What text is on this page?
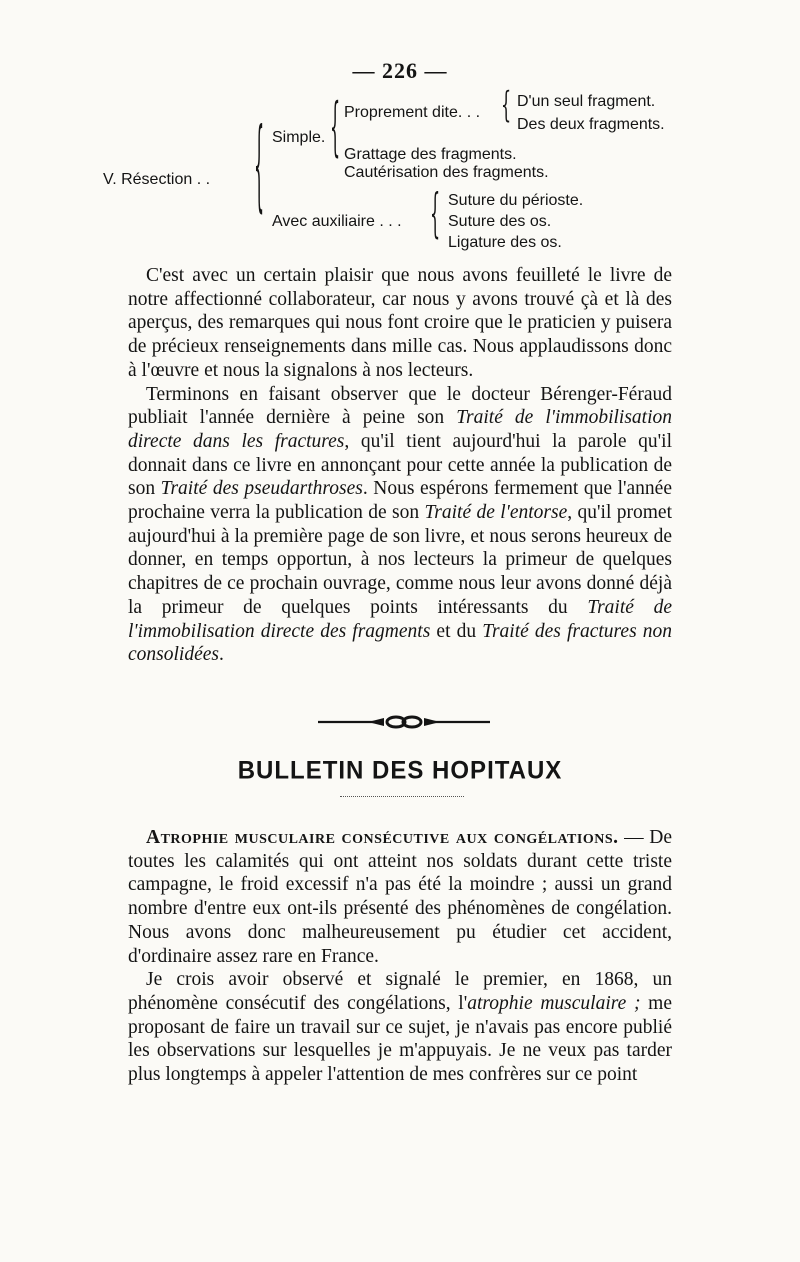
— 226 —
V. Résection . .	{ Simple. { Proprement dite. . . { D'un seul fragment.
Des deux fragments.
Grattage des fragments.
Cautérisation des fragments.
Avec auxiliaire . . . { Suture du périoste.
Suture des os.
Ligature des os.

C'est avec un certain plaisir que nous avons feuilleté le livre de notre affectionné collaborateur, car nous y avons trouvé çà et là des aperçus, des remarques qui nous font croire que le praticien y puisera de précieux renseignements dans mille cas. Nous applaudissons donc à l'œuvre et nous la signalons à nos lecteurs.

Terminons en faisant observer que le docteur Bérenger-Féraud publiait l'année dernière à peine son Traité de l'immobilisation directe dans les fractures, qu'il tient aujourd'hui la parole qu'il donnait dans ce livre en annonçant pour cette année la publication de son Traité des pseudarthroses. Nous espérons fermement que l'année prochaine verra la publication de son Traité de l'entorse, qu'il promet aujourd'hui à la première page de son livre, et nous serons heureux de donner, en temps opportun, à nos lecteurs la primeur de quelques chapitres de ce prochain ouvrage, comme nous leur avons donné déjà la primeur de quelques points intéressants du Traité de l'immobilisation directe des fragments et du Traité des fractures non consolidées.

BULLETIN DES HOPITAUX

Atrophie musculaire consécutive aux congélations. — De toutes les calamités qui ont atteint nos soldats durant cette triste campagne, le froid excessif n'a pas été la moindre ; aussi un grand nombre d'entre eux ont-ils présenté des phénomènes de congélation. Nous avons donc malheureusement pu étudier cet accident, d'ordinaire assez rare en France.

Je crois avoir observé et signalé le premier, en 1868, un phénomène consécutif des congélations, l'atrophie musculaire ; me proposant de faire un travail sur ce sujet, je n'avais pas encore publié les observations sur lesquelles je m'appuyais. Je ne veux pas tarder plus longtemps à appeler l'attention de mes confrères sur ce point
